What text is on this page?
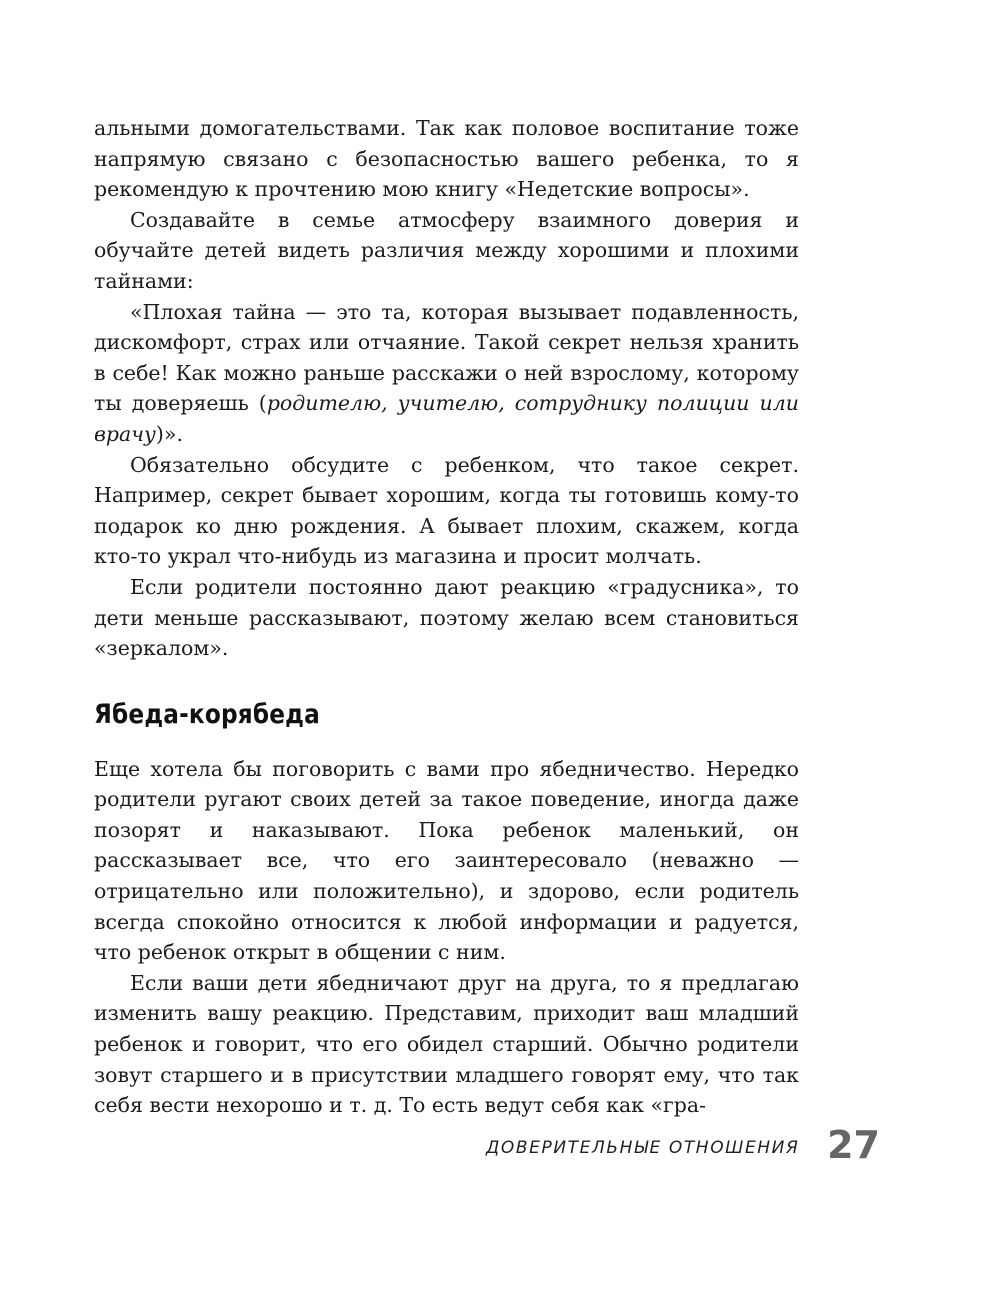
альными домогательствами. Так как половое воспитание тоже напрямую связано с безопасностью вашего ребенка, то я рекомендую к прочтению мою книгу «Недетские вопросы».

Создавайте в семье атмосферу взаимного доверия и обучайте детей видеть различия между хорошими и плохими тайнами:

«Плохая тайна — это та, которая вызывает подавленность, дискомфорт, страх или отчаяние. Такой секрет нельзя хранить в себе! Как можно раньше расскажи о ней взрослому, которому ты доверяешь (родителю, учителю, сотруднику полиции или врачу)».

Обязательно обсудите с ребенком, что такое секрет. Например, секрет бывает хорошим, когда ты готовишь кому-то подарок ко дню рождения. А бывает плохим, скажем, когда кто-то украл что-нибудь из магазина и просит молчать.

Если родители постоянно дают реакцию «градусника», то дети меньше рассказывают, поэтому желаю всем становиться «зеркалом».

Ябеда-корябеда

Еще хотела бы поговорить с вами про ябедничество. Нередко родители ругают своих детей за такое поведение, иногда даже позорят и наказывают. Пока ребенок маленький, он рассказывает все, что его заинтересовало (неважно — отрицательно или положительно), и здорово, если родитель всегда спокойно относится к любой информации и радуется, что ребенок открыт в общении с ним.

Если ваши дети ябедничают друг на друга, то я предлагаю изменить вашу реакцию. Представим, приходит ваш младший ребенок и говорит, что его обидел старший. Обычно родители зовут старшего и в присутствии младшего говорят ему, что так себя вести нехорошо и т. д. То есть ведут себя как «гра-

ДОВЕРИТЕЛЬНЫЕ ОТНОШЕНИЯ 27
